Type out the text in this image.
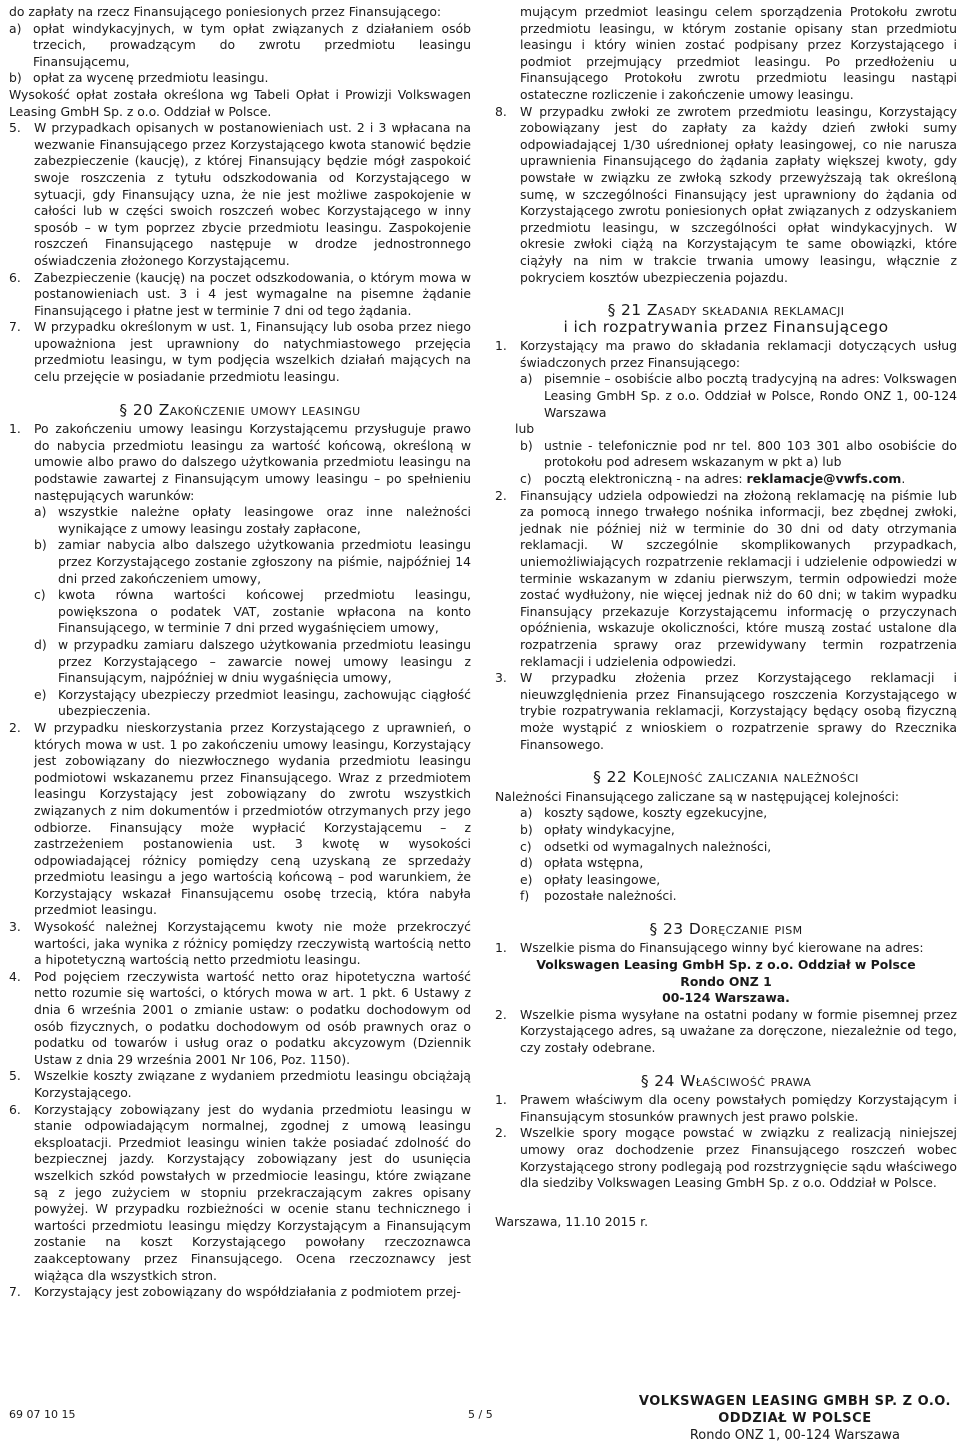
do zapłaty na rzecz Finansującego poniesionych przez Finansującego:

a) opłat windykacyjnych, w tym opłat związanych z działaniem osób trzecich, prowadzącym do zwrotu przedmiotu leasingu Finansującemu,
b) opłat za wycenę przedmiotu leasingu.

Wysokość opłat została określona wg Tabeli Opłat i Prowizji Volkswagen Leasing GmbH Sp. z o.o. Oddział w Polsce.

5.	W przypadkach opisanych w postanowieniach ust. 2 i 3 wpłacana na wezwanie Finansującego przez Korzystającego kwota stanowić będzie zabezpieczenie (kaucję), z której Finansujący będzie mógł zaspokoić swoje roszczenia z tytułu odszkodowania od Korzystającego w sytuacji, gdy Finansujący uzna, że nie jest możliwe zaspokojenie w całości lub w części swoich roszczeń wobec Korzystającego w inny sposób – w tym poprzez zbycie przedmiotu leasingu. Zaspokojenie roszczeń Finansującego następuje w drodze jednostronnego oświadczenia złożonego Korzystającemu.
6.	Zabezpieczenie (kaucję) na poczet odszkodowania, o którym mowa w postanowieniach ust. 3 i 4 jest wymagalne na pisemne żądanie Finansującego i płatne jest w terminie 7 dni od tego żądania.
7.	W przypadku określonym w ust. 1, Finansujący lub osoba przez niego upoważniona jest uprawniony do natychmiastowego przejęcia przedmiotu leasingu, w tym podjęcia wszelkich działań mających na celu przejęcie w posiadanie przedmiotu leasingu.

§ 20 Zakończenie umowy leasingu

1.	Po zakończeniu umowy leasingu Korzystającemu przysługuje prawo do nabycia przedmiotu leasingu za wartość końcową, określoną w umowie albo prawo do dalszego użytkowania przedmiotu leasingu na podstawie zawartej z Finansującym umowy leasingu – po spełnieniu następujących warunków:
a) wszystkie należne opłaty leasingowe oraz inne należności wynikające z umowy leasingu zostały zapłacone,
b) zamiar nabycia albo dalszego użytkowania przedmiotu leasingu przez Korzystającego zostanie zgłoszony na piśmie, najpóźniej 14 dni przed zakończeniem umowy,
c) kwota równa wartości końcowej przedmiotu leasingu, powiększona o podatek VAT, zostanie wpłacona na konto Finansującego, w terminie 7 dni przed wygaśnięciem umowy,
d) w przypadku zamiaru dalszego użytkowania przedmiotu leasingu przez Korzystającego – zawarcie nowej umowy leasingu z Finansującym, najpóźniej w dniu wygaśnięcia umowy,
e) Korzystający ubezpieczy przedmiot leasingu, zachowując ciągłość ubezpieczenia.
2.	W przypadku nieskorzystania przez Korzystającego z uprawnień, o których mowa w ust. 1 po zakończeniu umowy leasingu, Korzystający jest zobowiązany do niezwłocznego wydania przedmiotu leasingu podmiotowi wskazanemu przez Finansującego. Wraz z przedmiotem leasingu Korzystający jest zobowiązany do zwrotu wszystkich związanych z nim dokumentów i przedmiotów otrzymanych przy jego odbiorze. Finansujący może wypłacić Korzystającemu – z zastrzeżeniem postanowienia ust. 3 kwotę w wysokości odpowiadającej różnicy pomiędzy ceną uzyskaną ze sprzedaży przedmiotu leasingu a jego wartością końcową – pod warunkiem, że Korzystający wskazał Finansującemu osobę trzecią, która nabyła przedmiot leasingu.
3.	Wysokość należnej Korzystającemu kwoty nie może przekroczyć wartości, jaka wynika z różnicy pomiędzy rzeczywistą wartością netto a hipotetyczną wartością netto przedmiotu leasingu.
4.	Pod pojęciem rzeczywista wartość netto oraz hipotetyczna wartość netto rozumie się wartości, o których mowa w art. 1 pkt. 6 Ustawy z dnia 6 września 2001 o zmianie ustaw: o podatku dochodowym od osób fizycznych, o podatku dochodowym od osób prawnych oraz o podatku od towarów i usług oraz o podatku akcyzowym (Dziennik Ustaw z dnia 29 września 2001 Nr 106, Poz. 1150).
5.	Wszelkie koszty związane z wydaniem przedmiotu leasingu obciążają Korzystającego.
6.	Korzystający zobowiązany jest do wydania przedmiotu leasingu w stanie odpowiadającym normalnej, zgodnej z umową leasingu eksploatacji. Przedmiot leasingu winien także posiadać zdolność do bezpiecznej jazdy. Korzystający zobowiązany jest do usunięcia wszelkich szkód powstałych w przedmiocie leasingu, które związane są z jego zużyciem w stopniu przekraczającym zakres opisany powyżej. W przypadku rozbieżności w ocenie stanu technicznego i wartości przedmiotu leasingu między Korzystającym a Finansującym zostanie na koszt Korzystającego powołany rzeczoznawca zaakceptowany przez Finansującego. Ocena rzeczoznawcy jest wiążąca dla wszystkich stron.
7.	Korzystający jest zobowiązany do współdziałania z podmiotem przej-
mującym przedmiot leasingu celem sporządzenia Protokołu zwrotu przedmiotu leasingu, w którym zostanie opisany stan przedmiotu leasingu i który winien zostać podpisany przez Korzystającego i podmiot przejmujący przedmiot leasingu. Po przedłożeniu u Finansującego Protokołu zwrotu przedmiotu leasingu nastąpi ostateczne rozliczenie i zakończenie umowy leasingu.
8.	W przypadku zwłoki ze zwrotem przedmiotu leasingu, Korzystający zobowiązany jest do zapłaty za każdy dzień zwłoki sumy odpowiadającej 1/30 uśrednionej opłaty leasingowej, co nie narusza uprawnienia Finansującego do żądania zapłaty większej kwoty, gdy powstałe w związku ze zwłoką szkody przewyższają tak określoną sumę, w szczególności Finansujący jest uprawniony do żądania od Korzystającego zwrotu poniesionych opłat związanych z odzyskaniem przedmiotu leasingu, w szczególności opłat windykacyjnych. W okresie zwłoki ciążą na Korzystającym te same obowiązki, które ciążyły na nim w trakcie trwania umowy leasingu, włącznie z pokryciem kosztów ubezpieczenia pojazdu.

§ 21 Zasady składania reklamacji

i ich rozpatrywania przez Finansującego

1.	Korzystający ma prawo do składania reklamacji dotyczących usług świadczonych przez Finansującego:
a) pisemnie – osobiście albo pocztą tradycyjną na adres: Volkswagen Leasing GmbH Sp. z o.o. Oddział w Polsce, Rondo ONZ 1, 00-124 Warszawa
lub
b) ustnie - telefonicznie pod nr tel. 800 103 301 albo osobiście do protokołu pod adresem wskazanym w pkt a) lub
c) pocztą elektroniczną - na adres: reklamacje@vwfs.com.
2.	Finansujący udziela odpowiedzi na złożoną reklamację na piśmie lub za pomocą innego trwałego nośnika informacji, bez zbędnej zwłoki, jednak nie później niż w terminie do 30 dni od daty otrzymania reklamacji. W szczególnie skomplikowanych przypadkach, uniemożliwiających rozpatrzenie reklamacji i udzielenie odpowiedzi w terminie wskazanym w zdaniu pierwszym, termin odpowiedzi może zostać wydłużony, nie więcej jednak niż do 60 dni; w takim wypadku Finansujący przekazuje Korzystającemu informację o przyczynach opóźnienia, wskazuje okoliczności, które muszą zostać ustalone dla rozpatrzenia sprawy oraz przewidywany termin rozpatrzenia reklamacji i udzielenia odpowiedzi.
3.	W przypadku złożenia przez Korzystającego reklamacji i nieuwzględnienia przez Finansującego roszczenia Korzystającego w trybie rozpatrywania reklamacji, Korzystający będący osobą fizyczną może wystąpić z wnioskiem o rozpatrzenie sprawy do Rzecznika Finansowego.

§ 22 Kolejność zaliczania należności

Należności Finansującego zaliczane są w następującej kolejności:

a) koszty sądowe, koszty egzekucyjne,
b) opłaty windykacyjne,
c) odsetki od wymagalnych należności,
d) opłata wstępna,
e) opłaty leasingowe,
f)	pozostałe należności.

§ 23 Doręczanie pism

1.	Wszelkie pisma do Finansującego winny być kierowane na adres:

Volkswagen Leasing GmbH Sp. z o.o. Oddział w Polsce

Rondo ONZ 1

00-124 Warszawa.

2.	Wszelkie pisma wysyłane na ostatni podany w formie pisemnej przez Korzystającego adres, są uważane za doręczone, niezależnie od tego, czy zostały odebrane.

§ 24 Właściwość prawa

1.	Prawem właściwym dla oceny powstałych pomiędzy Korzystającym i Finansującym stosunków prawnych jest prawo polskie.
2.	Wszelkie spory mogące powstać w związku z realizacją niniejszej umowy oraz dochodzenie przez Finansującego roszczeń wobec Korzystającego strony podlegają pod rozstrzygnięcie sądu właściwego dla siedziby Volkswagen Leasing GmbH Sp. z o.o. Oddział w Polsce.

Warszawa, 11.10 2015 r.

69 07 10 15	5 / 5
VOLKSWAGEN LEASING GMBH SP. Z O.O.
ODDZIAŁ W POLSCE
Rondo ONZ 1, 00-124 Warszawa
